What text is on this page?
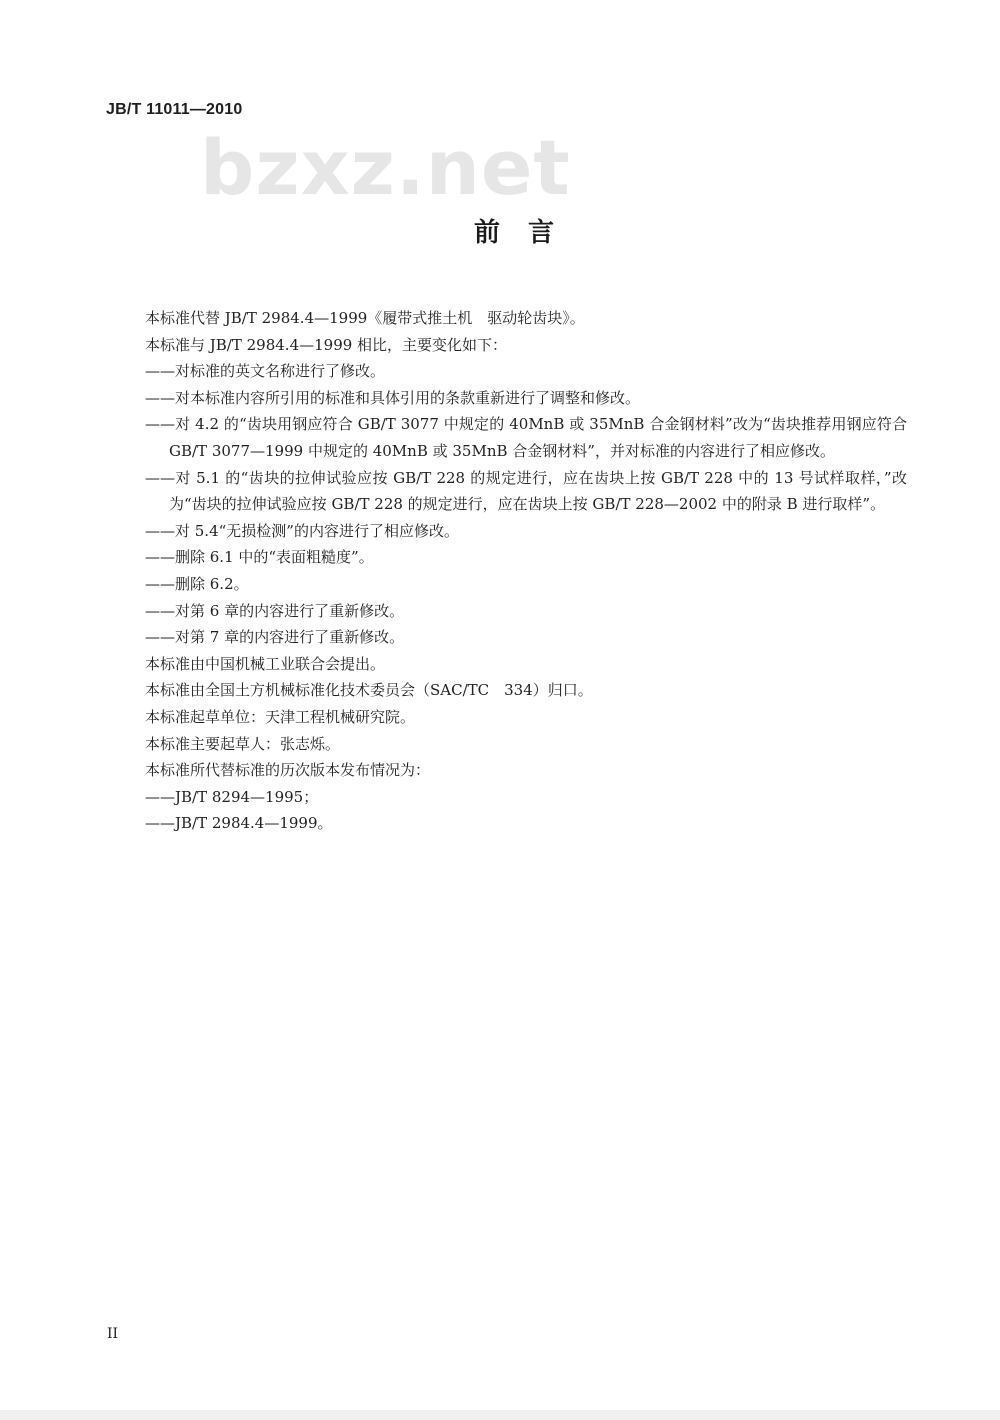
JB/T 11011—2010
bzxz.net
前言

本标准代替 JB/T 2984.4—1999《履带式推土机　驱动轮齿块》。

本标准与 JB/T 2984.4—1999 相比，主要变化如下：

——对标准的英文名称进行了修改。

——对本标准内容所引用的标准和具体引用的条款重新进行了调整和修改。

——对 4.2 的“齿块用钢应符合 GB/T 3077 中规定的 40MnB 或 35MnB 合金钢材料”改为“齿块推荐用钢应符合 GB/T 3077—1999 中规定的 40MnB 或 35MnB 合金钢材料”，并对标准的内容进行了相应修改。

——对 5.1 的“齿块的拉伸试验应按 GB/T 228 的规定进行，应在齿块上按 GB/T 228 中的 13 号试样取样，”改为“齿块的拉伸试验应按 GB/T 228 的规定进行，应在齿块上按 GB/T 228—2002 中的附录 B 进行取样”。

——对 5.4“无损检测”的内容进行了相应修改。

——删除 6.1 中的“表面粗糙度”。

——删除 6.2。

——对第 6 章的内容进行了重新修改。

——对第 7 章的内容进行了重新修改。

本标准由中国机械工业联合会提出。

本标准由全国土方机械标准化技术委员会（SAC/TC　334）归口。

本标准起草单位：天津工程机械研究院。

本标准主要起草人：张志烁。

本标准所代替标准的历次版本发布情况为：

——JB/T 8294—1995；

——JB/T 2984.4—1999。

II
